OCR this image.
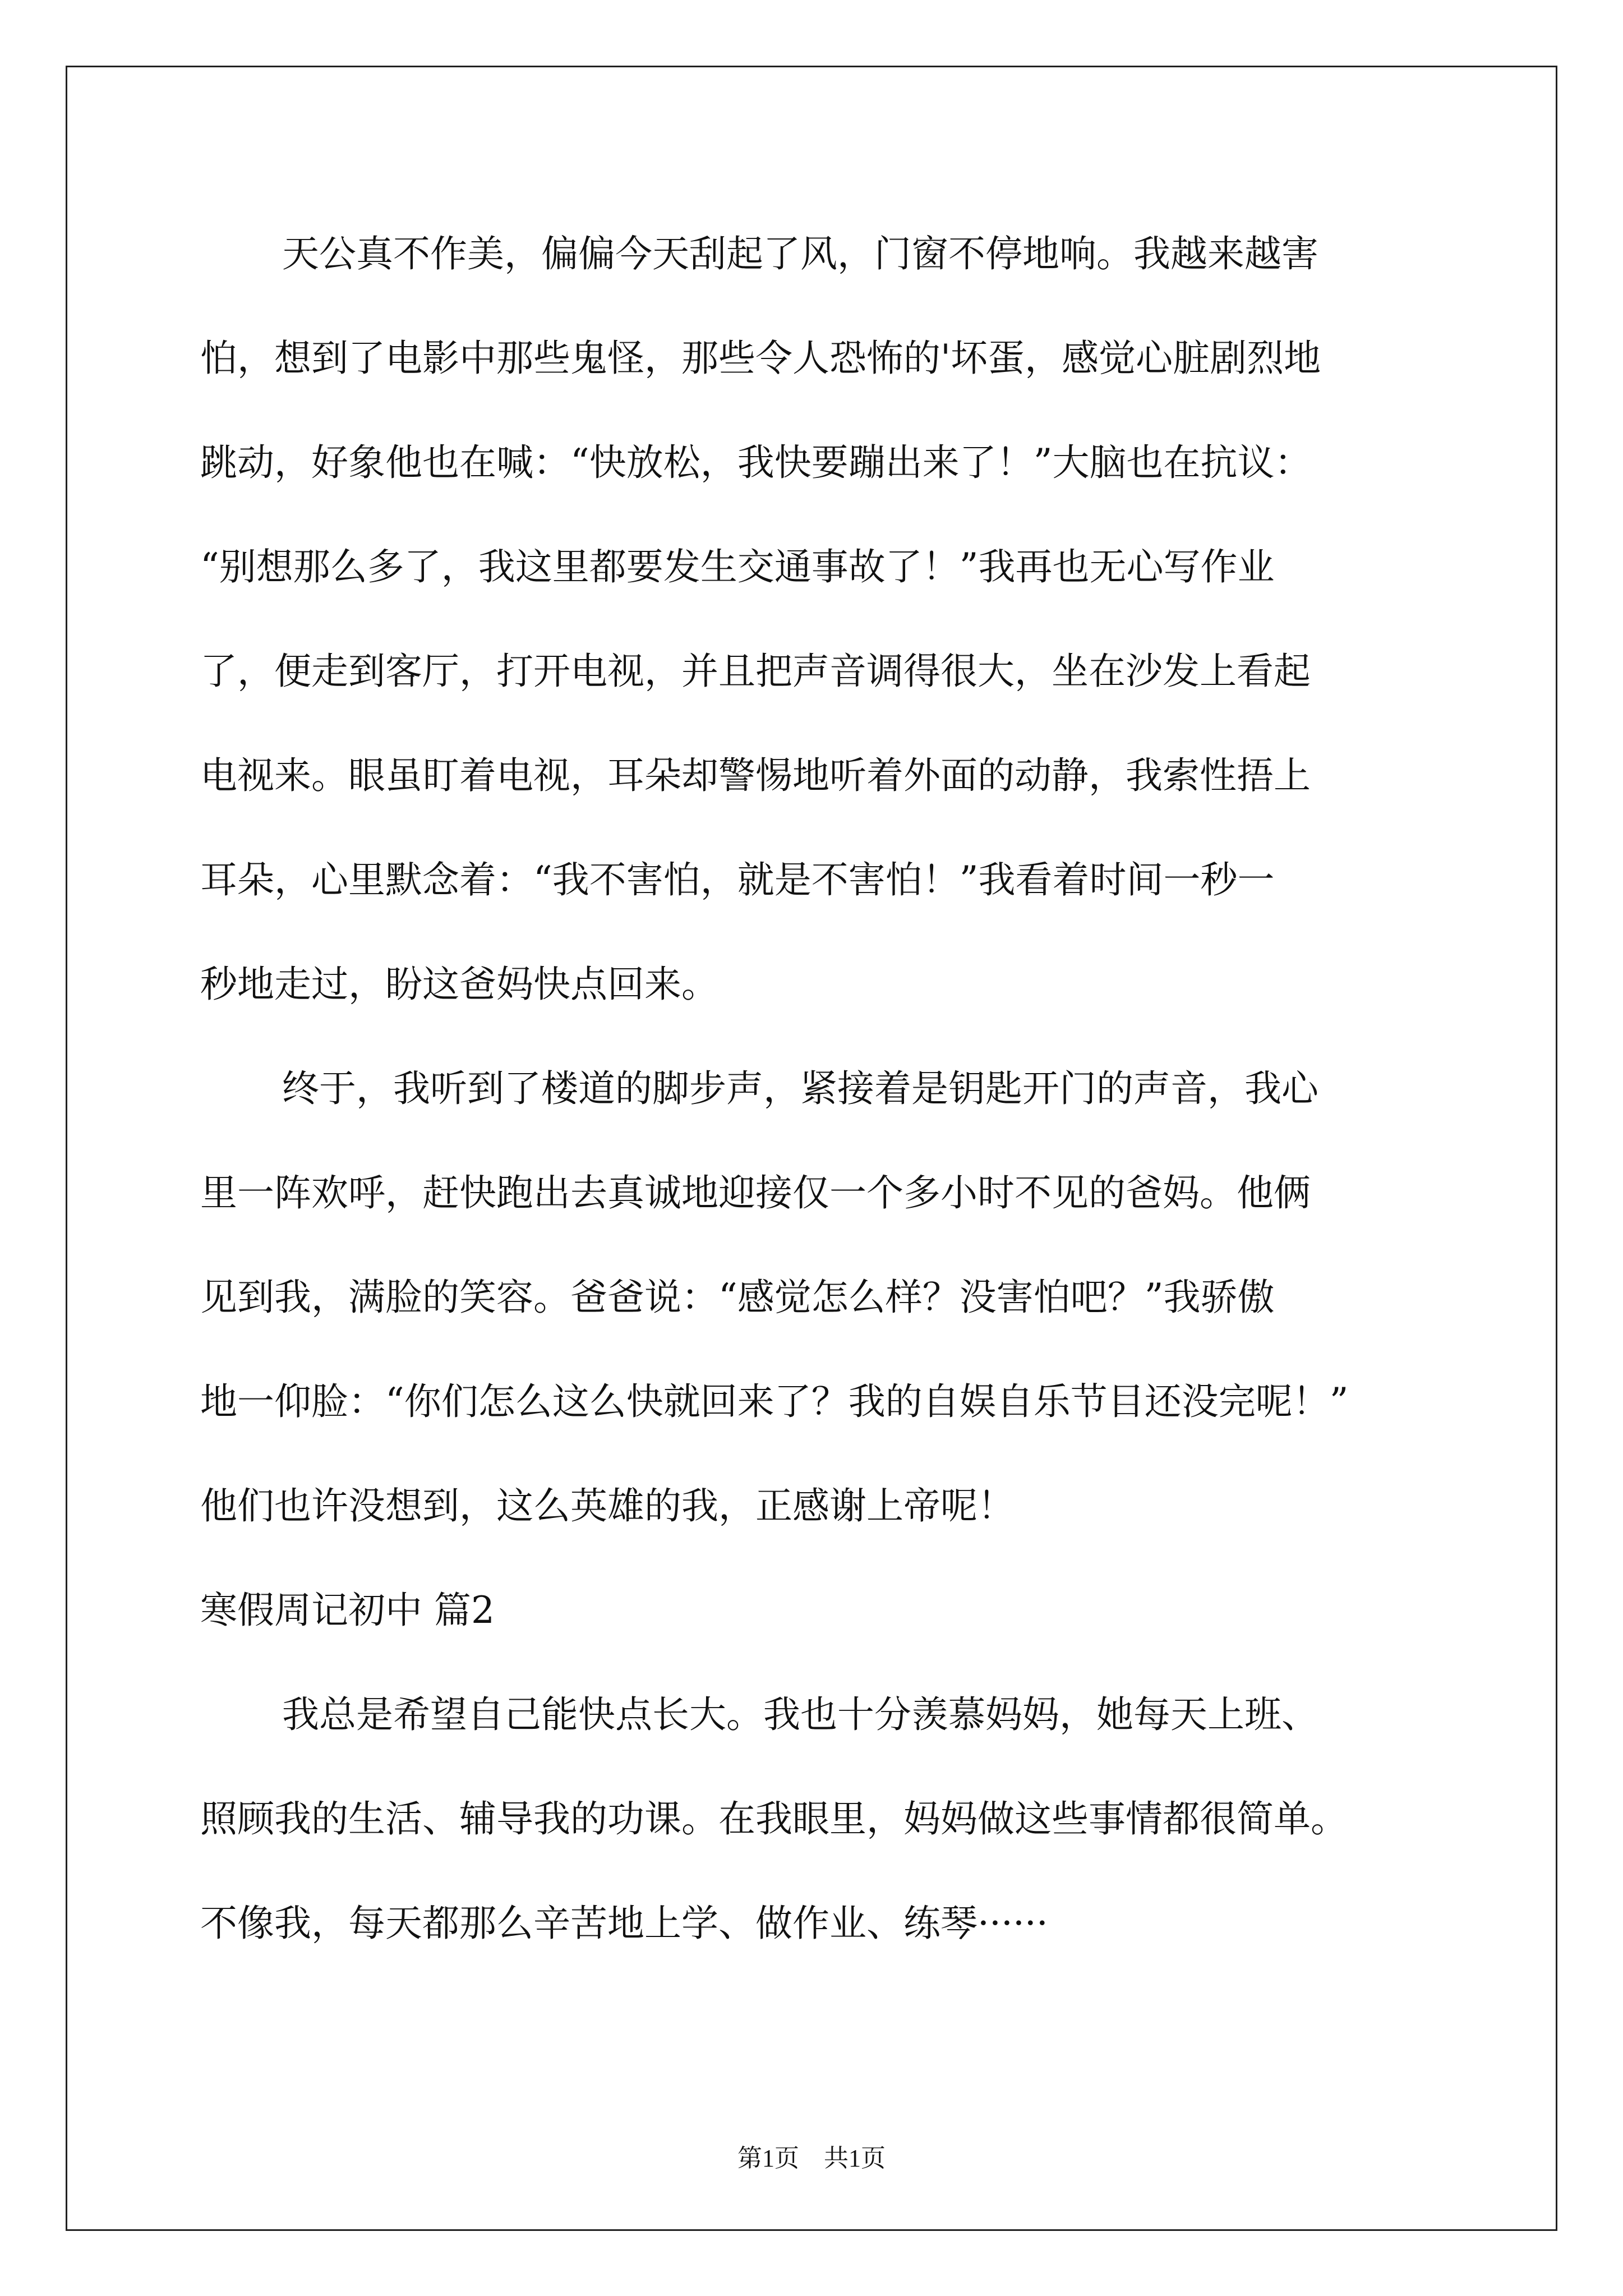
天公真不作美，偏偏今天刮起了风，门窗不停地响。我越来越害
怕，想到了电影中那些鬼怪，那些令人恐怖的'坏蛋，感觉心脏剧烈地
跳动，好象他也在喊：“快放松，我快要蹦出来了！”大脑也在抗议：
“别想那么多了，我这里都要发生交通事故了！”我再也无心写作业
了，便走到客厅，打开电视，并且把声音调得很大，坐在沙发上看起
电视来。眼虽盯着电视，耳朵却警惕地听着外面的动静，我索性捂上
耳朵，心里默念着：“我不害怕，就是不害怕！”我看着时间一秒一
秒地走过，盼这爸妈快点回来。
终于，我听到了楼道的脚步声，紧接着是钥匙开门的声音，我心
里一阵欢呼，赶快跑出去真诚地迎接仅一个多小时不见的爸妈。他俩
见到我，满脸的笑容。爸爸说：“感觉怎么样？没害怕吧？”我骄傲
地一仰脸：“你们怎么这么快就回来了？我的自娱自乐节目还没完呢！”
他们也许没想到，这么英雄的我，正感谢上帝呢！
寒假周记初中 篇2
我总是希望自己能快点长大。我也十分羡慕妈妈，她每天上班、
照顾我的生活、辅导我的功课。在我眼里，妈妈做这些事情都很简单。
不像我，每天都那么辛苦地上学、做作业、练琴······
第1页　共1页
